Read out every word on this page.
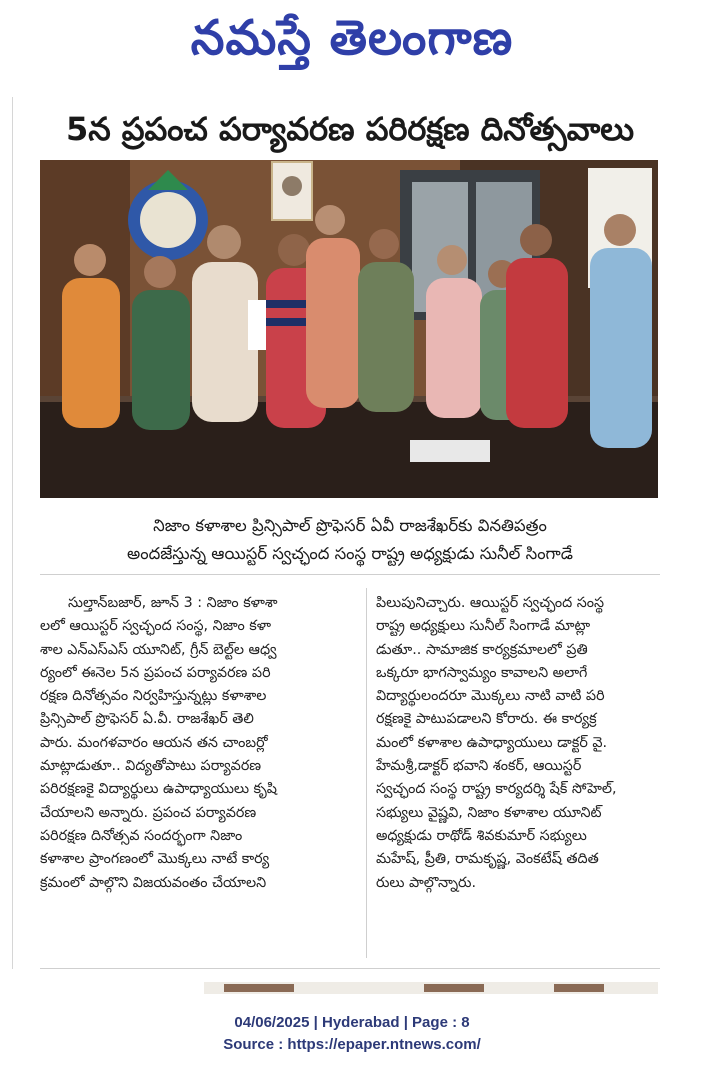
నమస్తే తెలంగాణ
5న ప్రపంచ పర్యావరణ పరిరక్షణ దినోత్సవాలు
నిజాం కళాశాల ప్రిన్సిపాల్ ప్రొఫెసర్ ఏవీ రాజశేఖర్‌కు వినతిపత్రం
అందజేస్తున్న ఆయిస్టర్ స్వచ్ఛంద సంస్థ రాష్ట్ర అధ్యక్షుడు సునీల్ సింగాడే
సుల్తాన్‌బజార్, జూన్ 3 : నిజాం కళాశా
లలో ఆయిస్టర్ స్వచ్ఛంద సంస్థ, నిజాం కళా
శాల ఎన్‌ఎస్‌ఎస్ యూనిట్, గ్రీన్ బెల్ట్‌ల ఆధ్వ
ర్యంలో ఈనెల 5న ప్రపంచ పర్యావరణ పరి
రక్షణ దినోత్సవం నిర్వహిస్తున్నట్లు కళాశాల
ప్రిన్సిపాల్ ప్రొఫెసర్ ఏ.వీ. రాజశేఖర్ తెలి
పారు. మంగళవారం ఆయన తన చాంబర్లో
మాట్లాడుతూ.. విద్యతోపాటు పర్యావరణ
పరిరక్షణకై విద్యార్థులు ఉపాధ్యాయులు కృషి
చేయాలని అన్నారు. ప్రపంచ పర్యావరణ
పరిరక్షణ దినోత్సవ సందర్భంగా నిజాం
కళాశాల ప్రాంగణంలో మొక్కలు నాటే కార్య
క్రమంలో పాల్గొని విజయవంతం చేయాలని
పిలుపునిచ్చారు. ఆయిస్టర్ స్వచ్ఛంద సంస్థ
రాష్ట్ర అధ్యక్షులు సునీల్ సింగాడే మాట్లా
డుతూ.. సామాజిక కార్యక్రమాలలో ప్రతి
ఒక్కరూ భాగస్వామ్యం కావాలని అలాగే
విద్యార్థులందరూ మొక్కలు నాటి వాటి పరి
రక్షణకై పాటుపడాలని కోరారు. ఈ కార్యక్ర
మంలో కళాశాల ఉపాధ్యాయులు డాక్టర్ వై.
హేమశ్రీ,డాక్టర్ భవాని శంకర్, ఆయిస్టర్
స్వచ్ఛంద సంస్థ రాష్ట్ర కార్యదర్శి షేక్ సోహెల్,
సభ్యులు వైష్ణవి, నిజాం కళాశాల యూనిట్
అధ్యక్షుడు రాథోడ్ శివకుమార్ సభ్యులు
మహేష్, ప్రీతి, రామకృష్ణ, వెంకటేష్ తదిత
రులు పాల్గొన్నారు.
04/06/2025 | Hyderabad | Page : 8
Source : https://epaper.ntnews.com/
